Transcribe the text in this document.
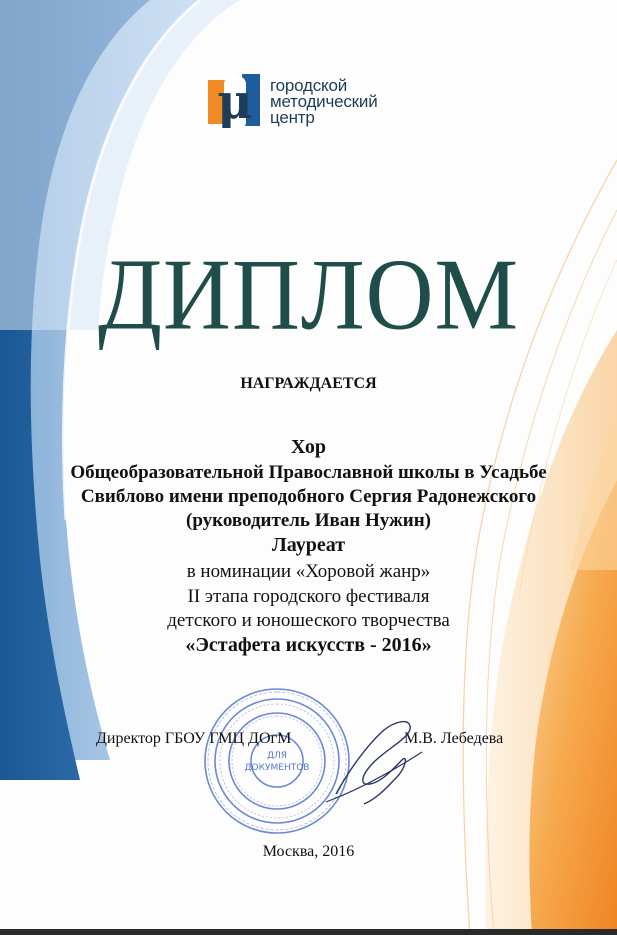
μ городской
методический
центр
ДИПЛОМ
НАГРАЖДАЕТСЯ
Хор
Общеобразовательной Православной школы в Усадьбе
Свиблово имени преподобного Сергия Радонежского
(руководитель Иван Нужин)
Лауреат
в номинации «Хоровой жанр»
II этапа городского фестиваля
детского и юношеского творчества
«Эстафета искусств - 2016»
ДЛЯ
ДОКУМЕНТОВ
Директор ГБОУ ГМЦ ДОгМ	М.В. Лебедева
Москва, 2016
